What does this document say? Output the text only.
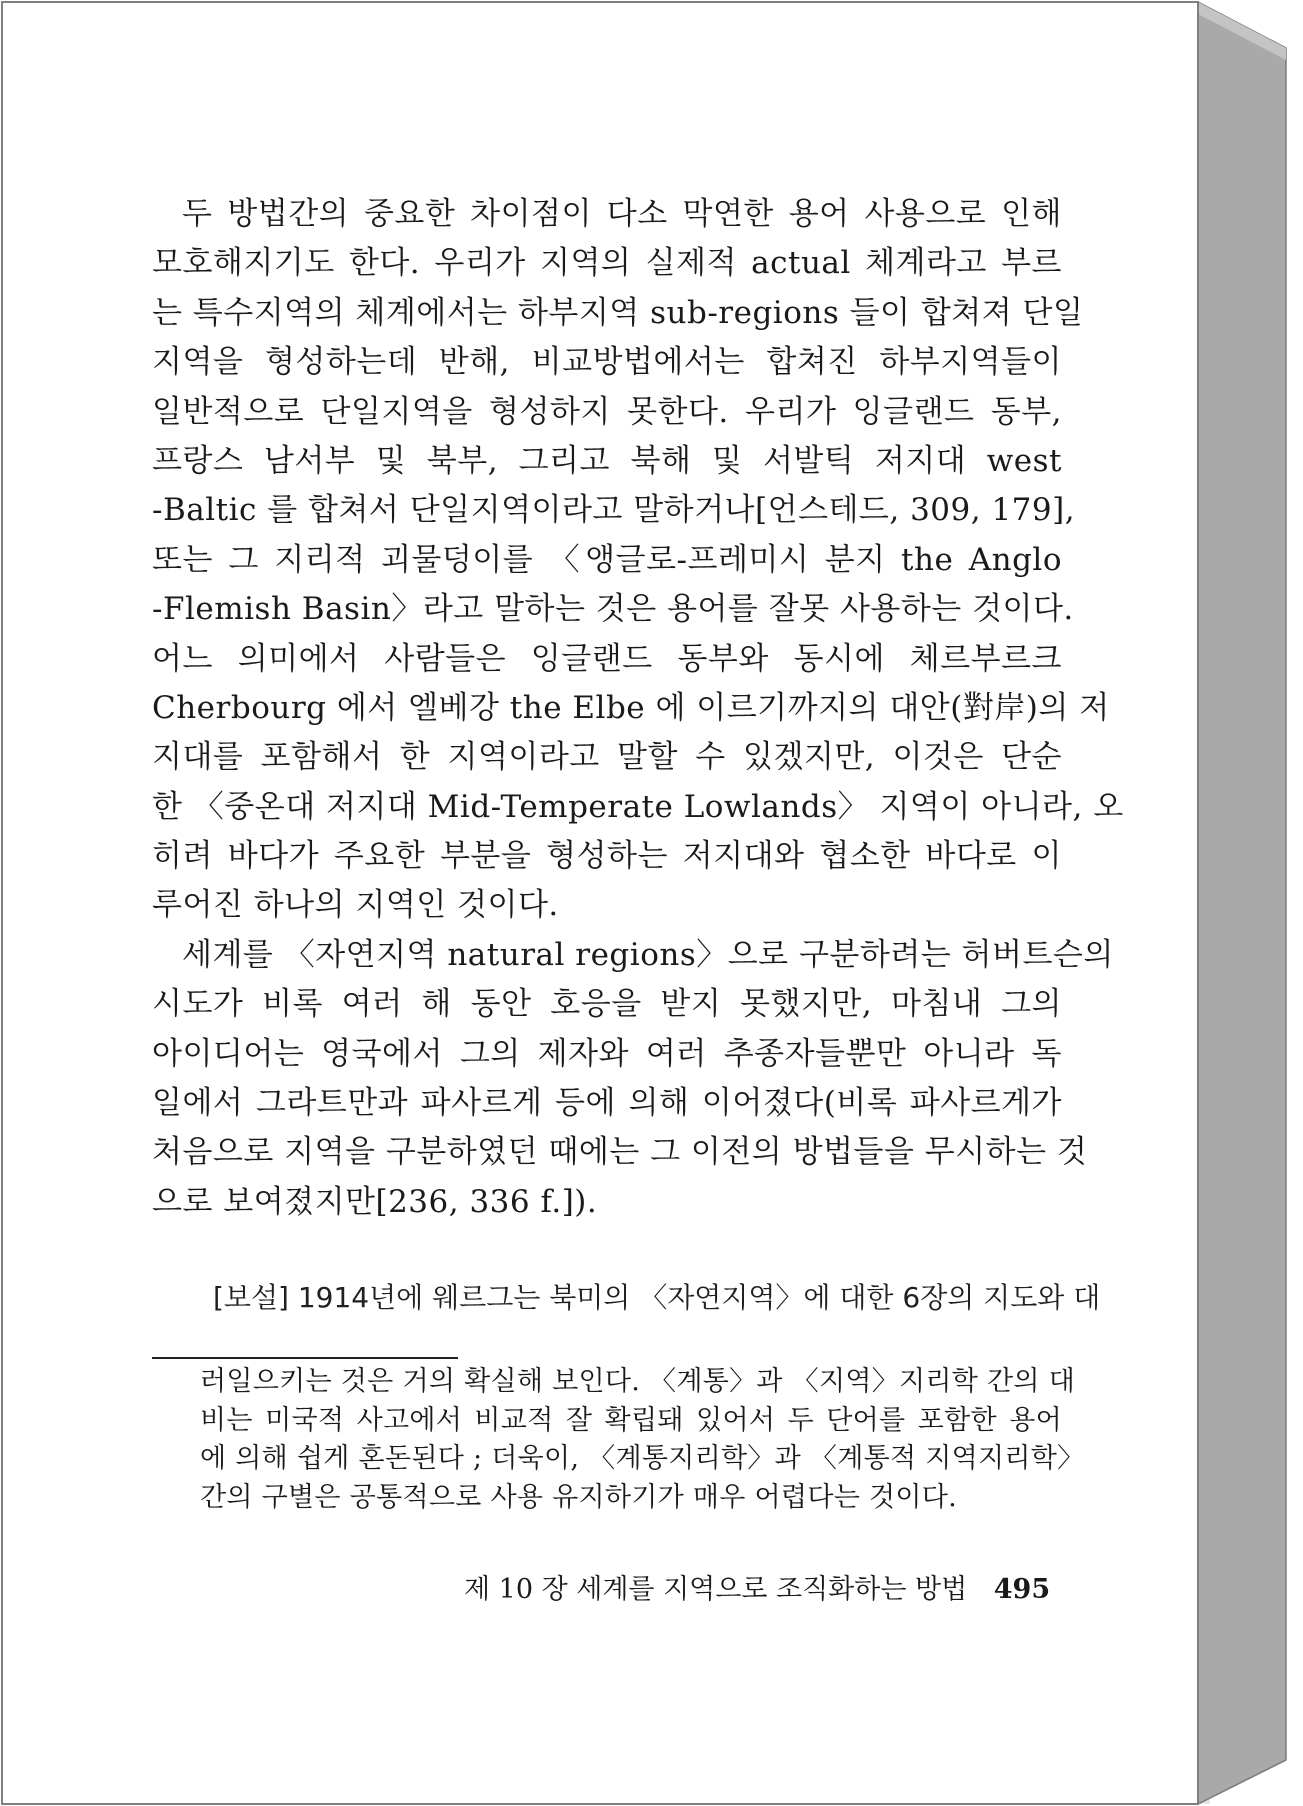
두 방법간의 중요한 차이점이 다소 막연한 용어 사용으로 인해
모호해지기도 한다. 우리가 지역의 실제적 actual 체계라고 부르
는 특수지역의 체계에서는 하부지역 sub-regions 들이 합쳐져 단일
지역을 형성하는데 반해, 비교방법에서는 합쳐진 하부지역들이
일반적으로 단일지역을 형성하지 못한다. 우리가 잉글랜드 동부,
프랑스 남서부 및 북부, 그리고 북해 및 서발틱 저지대 west
-Baltic 를 합쳐서 단일지역이라고 말하거나[언스테드, 309, 179],
또는 그 지리적 괴물덩이를 〈앵글로-프레미시 분지 the Anglo
-Flemish Basin〉라고 말하는 것은 용어를 잘못 사용하는 것이다.
어느 의미에서 사람들은 잉글랜드 동부와 동시에 체르부르크
Cherbourg 에서 엘베강 the Elbe 에 이르기까지의 대안(對岸)의 저
지대를 포함해서 한 지역이라고 말할 수 있겠지만, 이것은 단순
한 〈중온대 저지대 Mid-Temperate Lowlands〉 지역이 아니라, 오
히려 바다가 주요한 부분을 형성하는 저지대와 협소한 바다로 이
루어진 하나의 지역인 것이다.
세계를 〈자연지역 natural regions〉으로 구분하려는 허버트슨의
시도가 비록 여러 해 동안 호응을 받지 못했지만, 마침내 그의
아이디어는 영국에서 그의 제자와 여러 추종자들뿐만 아니라 독
일에서 그라트만과 파사르게 등에 의해 이어졌다(비록 파사르게가
처음으로 지역을 구분하였던 때에는 그 이전의 방법들을 무시하는 것
으로 보여졌지만[236, 336 f.]).
[보설] 1914년에 웨르그는 북미의 〈자연지역〉에 대한 6장의 지도와 대
러일으키는 것은 거의 확실해 보인다. 〈계통〉과 〈지역〉지리학 간의 대
비는 미국적 사고에서 비교적 잘 확립돼 있어서 두 단어를 포함한 용어
에 의해 쉽게 혼돈된다 ; 더욱이, 〈계통지리학〉과 〈계통적 지역지리학〉
간의 구별은 공통적으로 사용 유지하기가 매우 어렵다는 것이다.
제 10 장 세계를 지역으로 조직화하는 방법 495
